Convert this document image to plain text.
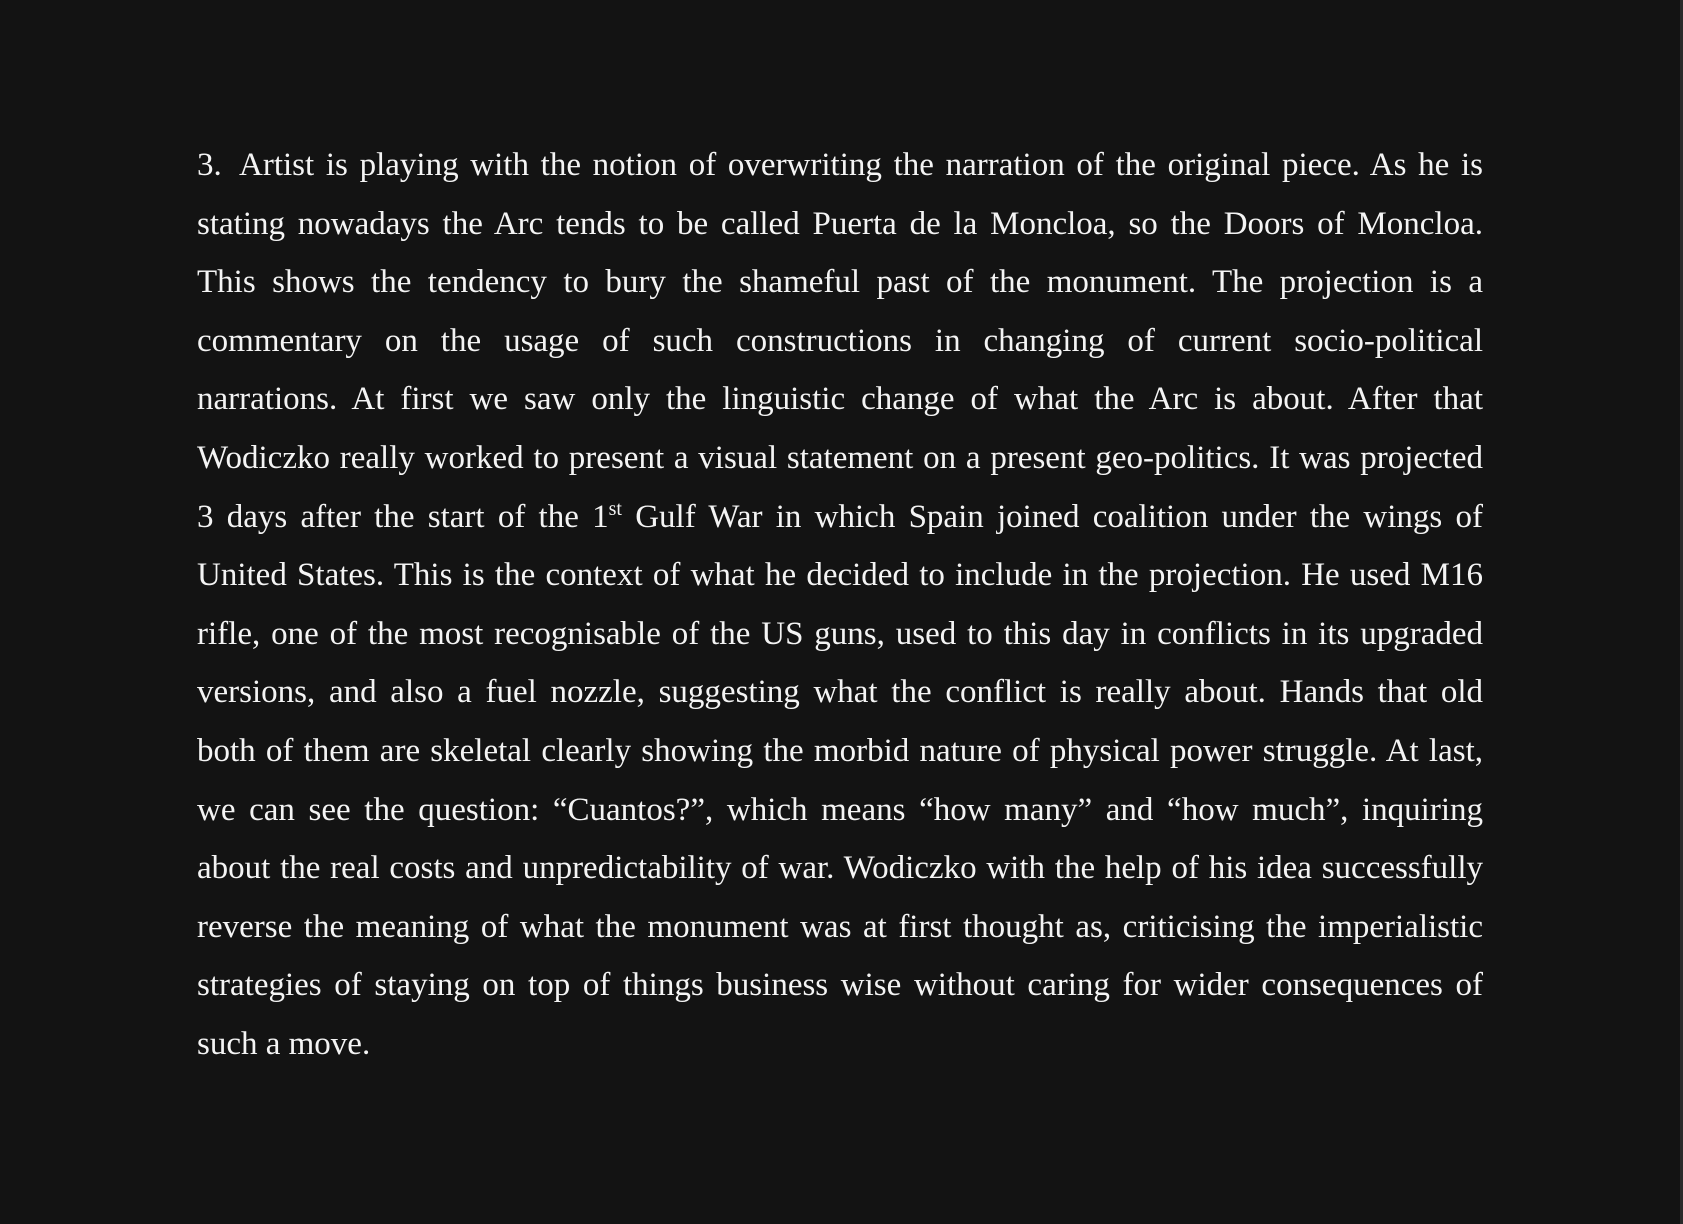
3. Artist is playing with the notion of overwriting the narration of the original piece. As he is
stating nowadays the Arc tends to be called Puerta de la Moncloa, so the Doors of Moncloa.
This shows the tendency to bury the shameful past of the monument. The projection is a
commentary on the usage of such constructions in changing of current socio-political
narrations. At first we saw only the linguistic change of what the Arc is about. After that
Wodiczko really worked to present a visual statement on a present geo-politics. It was projected
3 days after the start of the 1st Gulf War in which Spain joined coalition under the wings of
United States. This is the context of what he decided to include in the projection. He used M16
rifle, one of the most recognisable of the US guns, used to this day in conflicts in its upgraded
versions, and also a fuel nozzle, suggesting what the conflict is really about. Hands that old
both of them are skeletal clearly showing the morbid nature of physical power struggle. At last,
we can see the question: “Cuantos?”, which means “how many” and “how much”, inquiring
about the real costs and unpredictability of war. Wodiczko with the help of his idea successfully
reverse the meaning of what the monument was at first thought as, criticising the imperialistic
strategies of staying on top of things business wise without caring for wider consequences of
such a move.
